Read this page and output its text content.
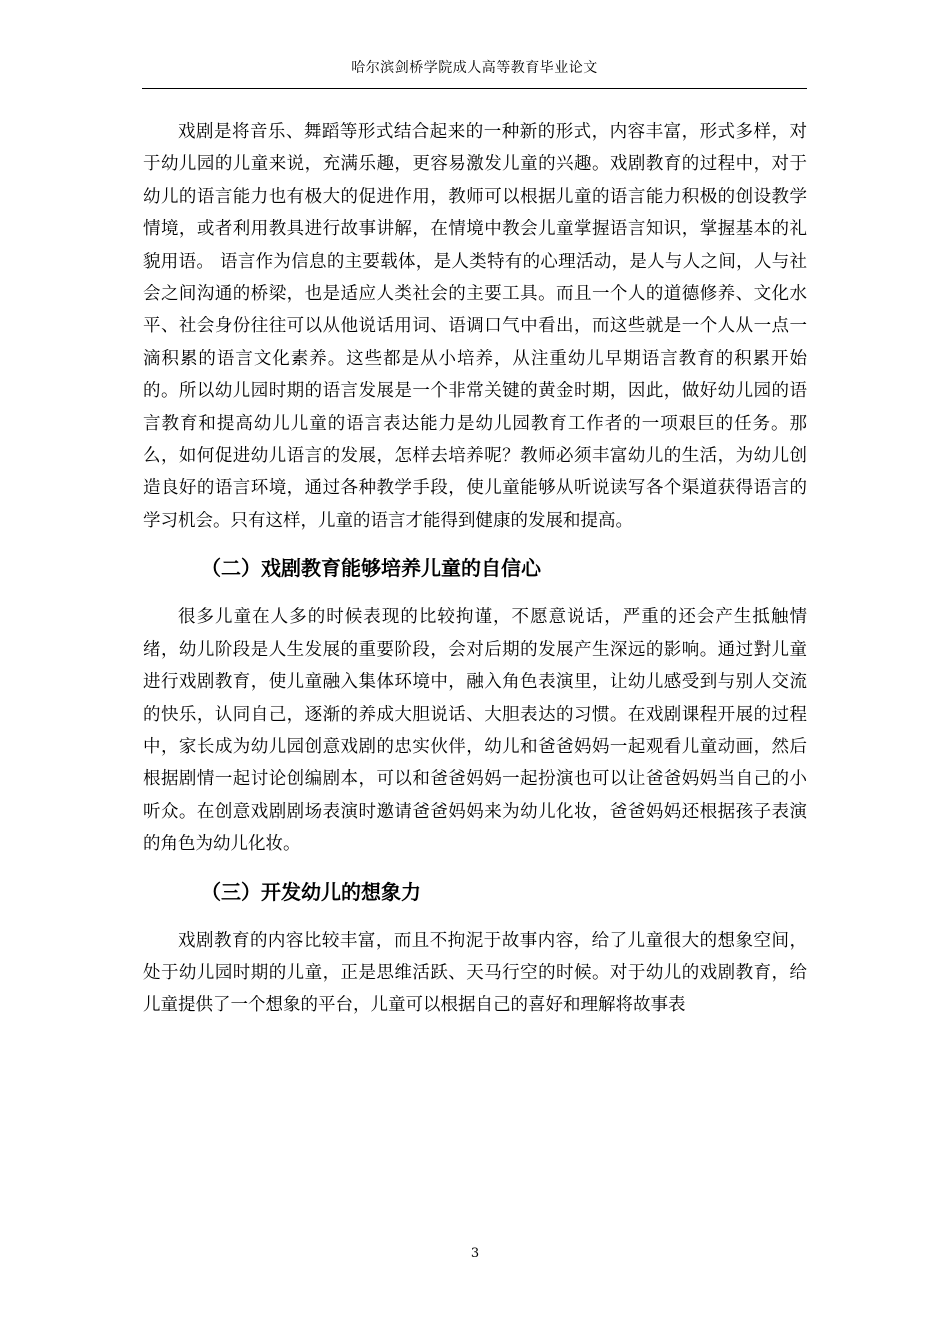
哈尔滨剑桥学院成人高等教育毕业论文

戏剧是将音乐、舞蹈等形式结合起来的一种新的形式，内容丰富，形式多样，对于幼儿园的儿童来说，充满乐趣，更容易激发儿童的兴趣。戏剧教育的过程中，对于幼儿的语言能力也有极大的促进作用，教师可以根据儿童的语言能力积极的创设教学情境，或者利用教具进行故事讲解，在情境中教会儿童掌握语言知识，掌握基本的礼貌用语。 语言作为信息的主要载体，是人类特有的心理活动，是人与人之间，人与社会之间沟通的桥梁，也是适应人类社会的主要工具。而且一个人的道德修养、文化水平、社会身份往往可以从他说话用词、语调口气中看出，而这些就是一个人从一点一滴积累的语言文化素养。这些都是从小培养，从注重幼儿早期语言教育的积累开始的。所以幼儿园时期的语言发展是一个非常关键的黄金时期，因此，做好幼儿园的语言教育和提高幼儿儿童的语言表达能力是幼儿园教育工作者的一项艰巨的任务。那么，如何促进幼儿语言的发展，怎样去培养呢？教师必须丰富幼儿的生活，为幼儿创造良好的语言环境，通过各种教学手段，使儿童能够从听说读写各个渠道获得语言的学习机会。只有这样，儿童的语言才能得到健康的发展和提高。

（二）戏剧教育能够培养儿童的自信心

很多儿童在人多的时候表现的比较拘谨，不愿意说话，严重的还会产生抵触情绪，幼儿阶段是人生发展的重要阶段，会对后期的发展产生深远的影响。通过對儿童进行戏剧教育，使儿童融入集体环境中，融入角色表演里，让幼儿感受到与别人交流的快乐，认同自己，逐渐的养成大胆说话、大胆表达的习惯。在戏剧课程开展的过程中，家长成为幼儿园创意戏剧的忠实伙伴，幼儿和爸爸妈妈一起观看儿童动画，然后根据剧情一起讨论创编剧本，可以和爸爸妈妈一起扮演也可以让爸爸妈妈当自己的小听众。在创意戏剧剧场表演时邀请爸爸妈妈来为幼儿化妆，爸爸妈妈还根据孩子表演的角色为幼儿化妆。

（三）开发幼儿的想象力

戏剧教育的内容比较丰富，而且不拘泥于故事内容，给了儿童很大的想象空间，处于幼儿园时期的儿童，正是思维活跃、天马行空的时候。对于幼儿的戏剧教育，给儿童提供了一个想象的平台，儿童可以根据自己的喜好和理解将故事表

3
